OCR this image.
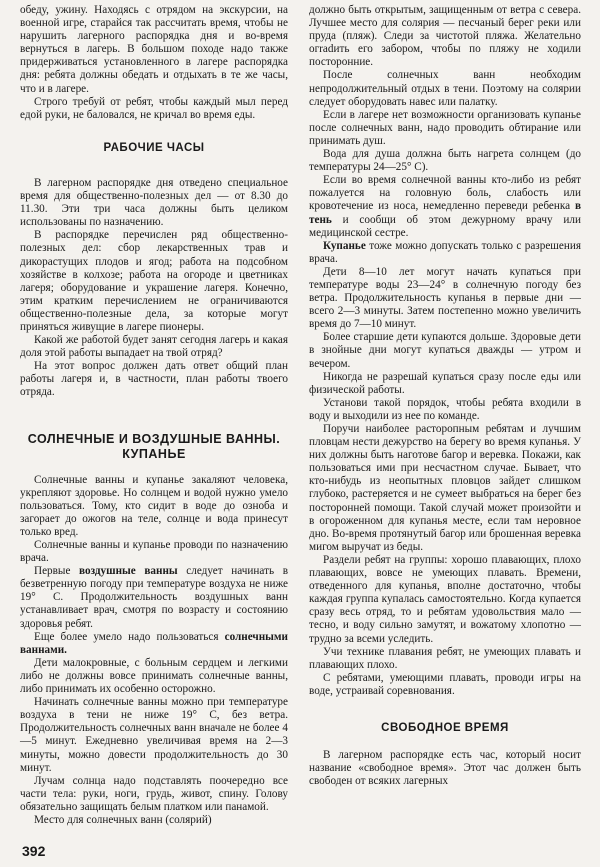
обеду, ужину. Находясь с отрядом на экскурсии, на военной игре, старайся так рассчитать время, чтобы не нарушить лагерного распорядка дня и во-время вернуться в лагерь. В большом походе надо также придерживаться установленного в лагере распорядка дня: ребята должны обедать и отдыхать в те же часы, что и в лагере.

Строго требуй от ребят, чтобы каждый мыл перед едой руки, не баловался, не кричал во время еды.

РАБОЧИЕ ЧАСЫ

В лагерном распорядке дня отведено специальное время для общественно-полезных дел — от 8.30 до 11.30. Эти три часа должны быть целиком использованы по назначению.

В распорядке перечислен ряд общественно-полезных дел: сбор лекарственных трав и дикорастущих плодов и ягод; работа на подсобном хозяйстве в колхозе; работа на огороде и цветниках лагеря; оборудование и украшение лагеря. Конечно, этим кратким перечислением не ограничиваются общественно-полезные дела, за которые могут приняться живущие в лагере пионеры.

Какой же работой будет занят сегодня лагерь и какая доля этой работы выпадает на твой отряд?

На этот вопрос должен дать ответ общий план работы лагеря и, в частности, план работы твоего отряда.

СОЛНЕЧНЫЕ И ВОЗДУШНЫЕ ВАННЫ. КУПАНЬЕ

Солнечные ванны и купанье закаляют человека, укрепляют здоровье. Но солнцем и водой нужно умело пользоваться. Тому, кто сидит в воде до озноба и загорает до ожогов на теле, солнце и вода принесут только вред.

Солнечные ванны и купанье проводи по назначению врача.

Первые воздушные ванны следует начинать в безветренную погоду при температуре воздуха не ниже 19° С. Продолжительность воздушных ванн устанавливает врач, смотря по возрасту и состоянию здоровья ребят.

Еще более умело надо пользоваться солнечными ваннами.

Дети малокровные, с больным сердцем и легкими либо не должны вовсе принимать солнечные ванны, либо принимать их особенно осторожно.

Начинать солнечные ванны можно при температуре воздуха в тени не ниже 19° С, без ветра. Продолжительность солнечных ванн вначале не более 4—5 минут. Ежедневно увеличивая время на 2—3 минуты, можно довести продолжительность до 30 минут.

Лучам солнца надо подставлять поочередно все части тела: руки, ноги, грудь, живот, спину. Голову обязательно защищать белым платком или панамой.

Место для солнечных ванн (солярий)

должно быть открытым, защищенным от ветра с севера. Лучшее место для солярия — песчаный берег реки или пруда (пляж). Следи за чистотой пляжа. Желательно огradить его забором, чтобы по пляжу не ходили посторонние.

После солнечных ванн необходим непродолжительный отдых в тени. Поэтому на солярии следует оборудовать навес или палатку.

Если в лагере нет возможности организовать купанье после солнечных ванн, надо проводить обтирание или принимать душ.

Вода для душа должна быть нагрета солнцем (до температуры 24—25° С).

Если во время солнечной ванны кто-либо из ребят пожалуется на головную боль, слабость или кровотечение из носа, немедленно переведи ребенка в тень и сообщи об этом дежурному врачу или медицинской сестре.

Купанье тоже можно допускать только с разрешения врача.

Дети 8—10 лет могут начать купаться при температуре воды 23—24° в солнечную погоду без ветра. Продолжительность купанья в первые дни — всего 2—3 минуты. Затем постепенно можно увеличить время до 7—10 минут.

Более старшие дети купаются дольше. Здоровые дети в знойные дни могут купаться дважды — утром и вечером.

Никогда не разрешай купаться сразу после еды или физической работы.

Установи такой порядок, чтобы ребята входили в воду и выходили из нее по команде.

Поручи наиболее расторопным ребятам и лучшим пловцам нести дежурство на берегу во время купанья. У них должны быть наготове багор и веревка. Покажи, как пользоваться ими при несчастном случае. Бывает, что кто-нибудь из неопытных пловцов зайдет слишком глубоко, растеряется и не сумеет выбраться на берег без посторонней помощи. Такой случай может произойти и в огороженном для купанья месте, если там неровное дно. Во-время протянутый багор или брошенная веревка мигом выручат из беды.

Раздели ребят на группы: хорошо плавающих, плохо плавающих, вовсе не умеющих плавать. Времени, отведенного для купанья, вполне достаточно, чтобы каждая группа купалась самостоятельно. Когда купается сразу весь отряд, то и ребятам удовольствия мало — тесно, и воду сильно замутят, и вожатому хлопотно — трудно за всеми уследить.

Учи технике плавания ребят, не умеющих плавать и плавающих плохо.

С ребятами, умеющими плавать, проводи игры на воде, устраивай соревнования.

СВОБОДНОЕ ВРЕМЯ

В лагерном распорядке есть час, который носит название «свободное время». Этот час должен быть свободен от всяких лагерных

392
